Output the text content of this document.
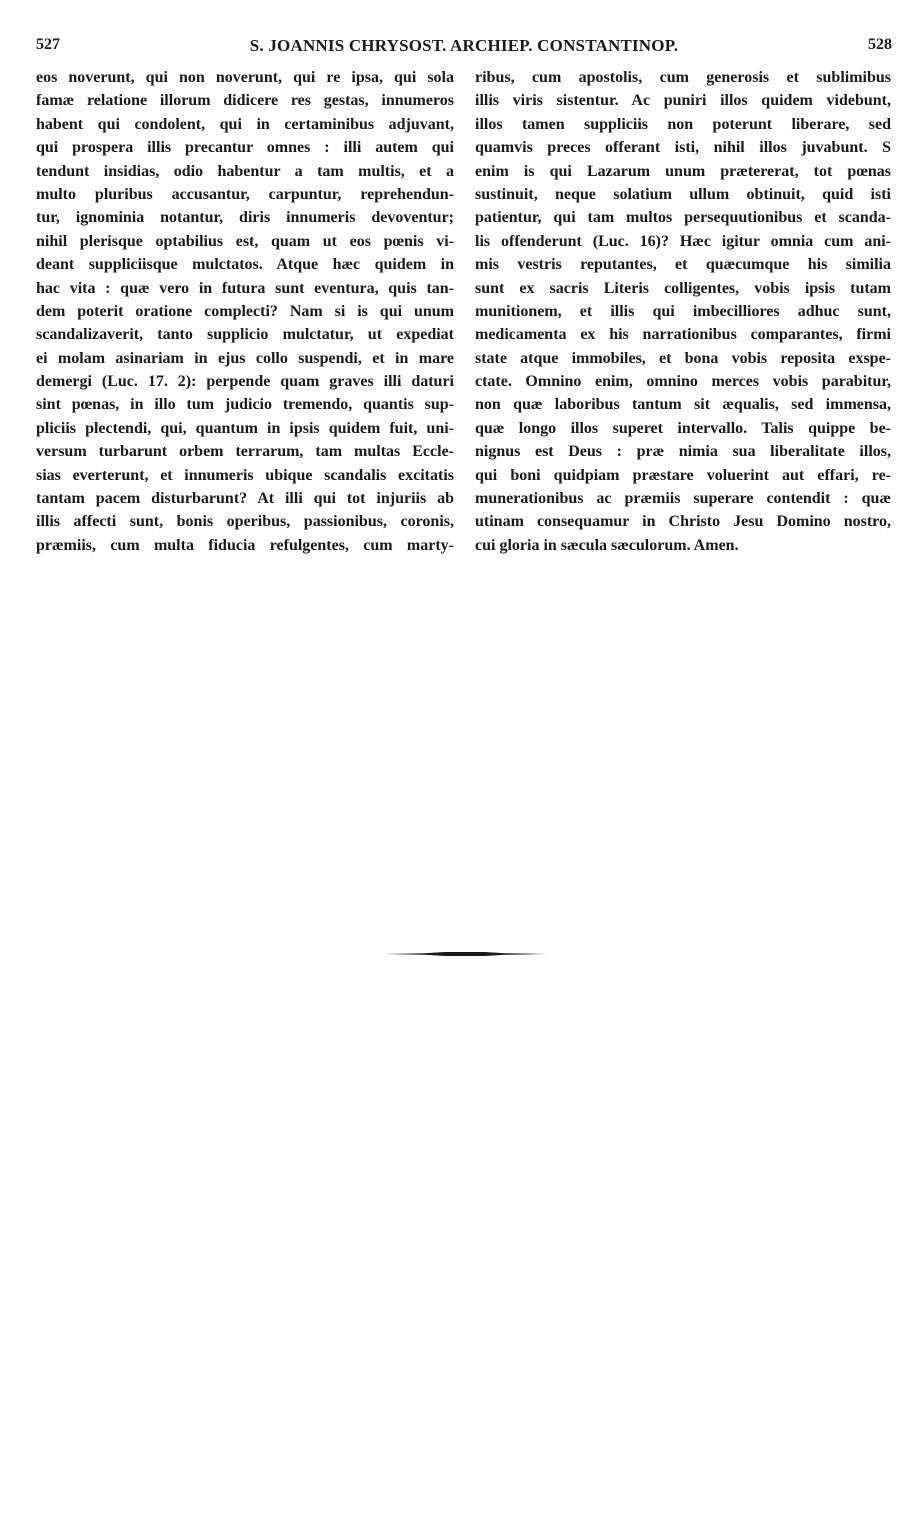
527	S. JOANNIS CHRYSOST. ARCHIEP. CONSTANTINOP.	528
eos noverunt, qui non noverunt, qui re ipsa, qui sola
famæ relatione illorum didicere res gestas, innumeros
habent qui condolent, qui in certaminibus adjuvant,
qui prospera illis precantur omnes : illi autem qui
tendunt insidias, odio habentur a tam multis, et a
multo pluribus accusantur, carpuntur, reprehendun-
tur, ignominia notantur, diris innumeris devoventur;
nihil plerisque optabilius est, quam ut eos pœnis vi-
deant suppliciisque mulctatos. Atque hæc quidem in
hac vita : quæ vero in futura sunt eventura, quis tan-
dem poterit oratione complecti? Nam si is qui unum
scandalizaverit, tanto supplicio mulctatur, ut expediat
ei molam asinariam in ejus collo suspendi, et in mare
demergi (Luc. 17. 2): perpende quam graves illi daturi
sint pœnas, in illo tum judicio tremendo, quantis sup-
pliciis plectendi, qui, quantum in ipsis quidem fuit, uni-
versum turbarunt orbem terrarum, tam multas Eccle-
sias everterunt, et innumeris ubique scandalis excitatis
tantam pacem disturbarunt? At illi qui tot injuriis ab
illis affecti sunt, bonis operibus, passionibus, coronis,
præmiis, cum multa fiducia refulgentes, cum marty-
ribus, cum apostolis, cum generosis et sublimibus
illis viris sistentur. Ac puniri illos quidem videbunt,
illos tamen suppliciis non poterunt liberare, sed
quamvis preces offerant isti, nihil illos juvabunt. S
enim is qui Lazarum unum prætererat, tot pœnas
sustinuit, neque solatium ullum obtinuit, quid isti
patientur, qui tam multos persequutionibus et scanda-
lis offenderunt (Luc. 16)? Hæc igitur omnia cum ani-
mis vestris reputantes, et quæcumque his similia
sunt ex sacris Literis colligentes, vobis ipsis tutam
munitionem, et illis qui imbecilliores adhuc sunt,
medicamenta ex his narrationibus comparantes, firmi
state atque immobiles, et bona vobis reposita exspe-
ctate. Omnino enim, omnino merces vobis parabitur,
non quæ laboribus tantum sit æqualis, sed immensa,
quæ longo illos superet intervallo. Talis quippe be-
nignus est Deus : præ nimia sua liberalitate illos,
qui boni quidpiam præstare voluerint aut effari, re-
munerationibus ac præmiis superare contendit : quæ
utinam consequamur in Christo Jesu Domino nostro,
cui gloria in sæcula sæculorum. Amen.
